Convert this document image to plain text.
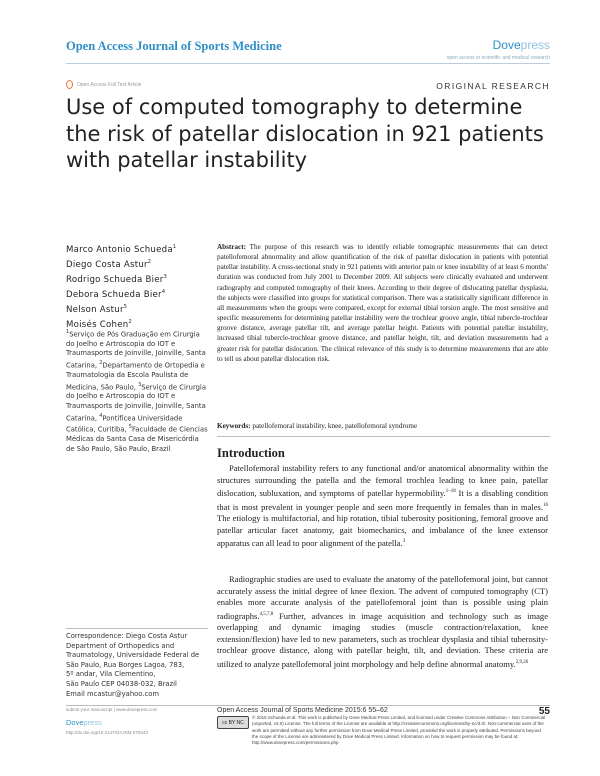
Open Access Journal of Sports Medicine	Dovepress
open access to scientific and medical research
Open Access Full Text Article	ORIGINAL RESEARCH
Use of computed tomography to determine the risk of patellar dislocation in 921 patients with patellar instability
Marco Antonio Schueda$^1$
Diego Costa Astur$^2$
Rodrigo Schueda Bier$^3$
Debora Schueda Bier$^4$
Nelson Astur$^5$
Moisés Cohen$^2$
$^1$Serviço de Pós Graduação em Cirurgia do Joelho e Artroscopia do IOT e Traumasports de Joinville, Joinville, Santa Catarina, $^2$Departamento de Ortopedia e Traumatologia da Escola Paulista de Medicina, São Paulo, $^3$Serviço de Cirurgia do Joelho e Artroscopia do IOT e Traumasports de Joinville, Joinville, Santa Catarina, $^4$Pontifícea Universidade Católica, Curitiba, $^5$Faculdade de Ciencias Médicas da Santa Casa de Misericórdia de São Paulo, São Paulo, Brazil
Abstract: The purpose of this research was to identify reliable tomographic measurements that can detect patellofemoral abnormality and allow quantification of the risk of patellar dislocation in patients with potential patellar instability. A cross-sectional study in 921 patients with anterior pain or knee instability of at least 6 months' duration was conducted from July 2001 to December 2009. All subjects were clinically evaluated and underwent radiography and computed tomography of their knees. According to their degree of dislocating patellar dysplasia, the subjects were classified into groups for statistical comparison. There was a statistically significant difference in all measurements when the groups were compared, except for external tibial torsion angle. The most sensitive and specific measurements for determining patellar instability were the trochlear groove angle, tibial tubercle-trochlear groove distance, average patellar tilt, and average patellar height. Patients with potential patellar instability, increased tibial tubercle-trochlear groove distance, and patellar height, tilt, and deviation measurements had a greater risk for patellar dislocation. The clinical relevance of this study is to determine measurements that are able to tell us about patellar dislocation risk.
Keywords: patellofemoral instability, knee, patellofemoral syndrome
Introduction
Patellofemoral instability refers to any functional and/or anatomical abnormality within the structures surrounding the patella and the femoral trochlea leading to knee pain, patellar dislocation, subluxation, and symptoms of patellar hypermobility.$^{1-18}$ It is a disabling condition that is most prevalent in younger people and seen more frequently in females than in males.$^{16}$ The etiology is multifactorial, and hip rotation, tibial tuberosity positioning, femoral groove and patellar articular facet anatomy, gait biomechanics, and imbalance of the knee extensor apparatus can all lead to poor alignment of the patella.$^3$
Radiographic studies are used to evaluate the anatomy of the patellofemoral joint, but cannot accurately assess the initial degree of knee flexion. The advent of computed tomography (CT) enables more accurate analysis of the patellofemoral joint than is possible using plain radiographs.$^{4,5,7,8}$ Further, advances in image acquisition and technology such as image overlapping and dynamic imaging studies (muscle contraction/relaxation, knee extension/flexion) have led to new parameters, such as trochlear dysplasia and tibial tuberosity-trochlear groove distance, along with patellar height, tilt, and deviation. These criteria are utilized to analyze patellofemoral joint morphology and help define abnormal anatomy.$^{2,9,26}$
Correspondence: Diego Costa Astur
Department of Orthopedics and
Traumatology, Universidade Federal de
São Paulo, Rua Borges Lagoa, 783,
5º andar, Vila Clementino,
São Paulo CEP 04038-032, Brazil
Email mcastur@yahoo.com
submit your manuscript | www.dovepress.com	Open Access Journal of Sports Medicine 2015:6 55–62	55
Dovepress
http://dx.doi.org/10.2147/OAJSM.S75243
cc BY NC
© 2015 Schueda et al. This work is published by Dove Medical Press Limited, and licensed under Creative Commons Attribution – Non Commercial (unported, v3.0) License. The full terms of the License are available at http://creativecommons.org/licenses/by-nc/3.0/. Non-commercial uses of the work are permitted without any further permission from Dove Medical Press Limited, provided the work is properly attributed. Permissions beyond the scope of the License are administered by Dove Medical Press Limited. Information on how to request permission may be found at: http://www.dovepress.com/permissions.php
